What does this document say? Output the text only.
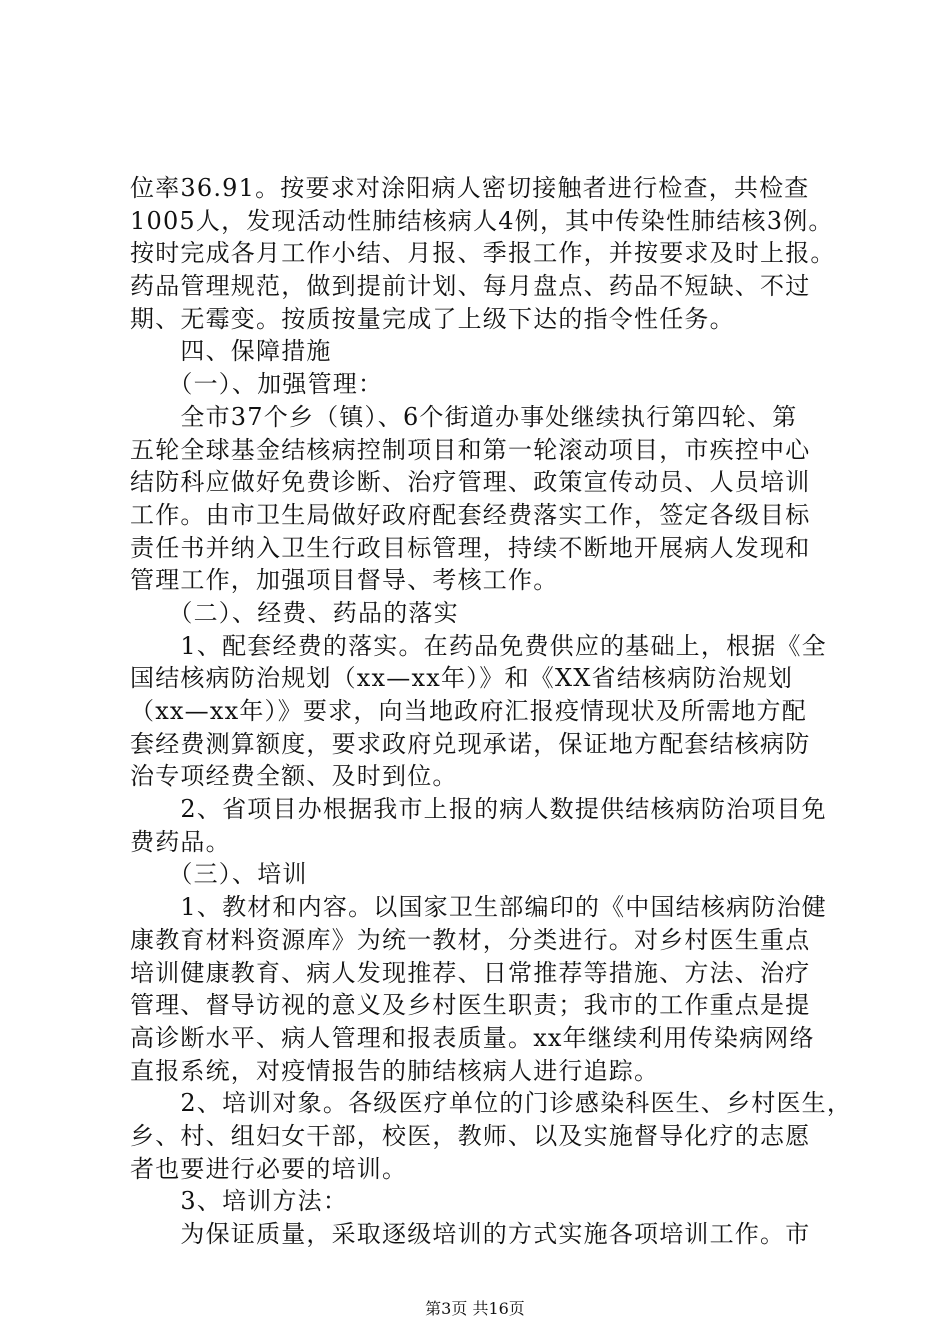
位率36.91。按要求对涂阳病人密切接触者进行检查，共检查
1005人，发现活动性肺结核病人4例，其中传染性肺结核3例。
按时完成各月工作小结、月报、季报工作，并按要求及时上报。
药品管理规范，做到提前计划、每月盘点、药品不短缺、不过
期、无霉变。按质按量完成了上级下达的指令性任务。
　　四、保障措施
　　（一）、加强管理：
　　全市37个乡（镇）、6个街道办事处继续执行第四轮、第
五轮全球基金结核病控制项目和第一轮滚动项目，市疾控中心
结防科应做好免费诊断、治疗管理、政策宣传动员、人员培训
工作。由市卫生局做好政府配套经费落实工作，签定各级目标
责任书并纳入卫生行政目标管理，持续不断地开展病人发现和
管理工作，加强项目督导、考核工作。
　　（二）、经费、药品的落实
　　1、配套经费的落实。在药品免费供应的基础上，根据《全
国结核病防治规划（xx—xx年）》和《XX省结核病防治规划
（xx—xx年）》要求，向当地政府汇报疫情现状及所需地方配
套经费测算额度，要求政府兑现承诺，保证地方配套结核病防
治专项经费全额、及时到位。
　　2、省项目办根据我市上报的病人数提供结核病防治项目免
费药品。
　　（三）、培训
　　1、教材和内容。以国家卫生部编印的《中国结核病防治健
康教育材料资源库》为统一教材，分类进行。对乡村医生重点
培训健康教育、病人发现推荐、日常推荐等措施、方法、治疗
管理、督导访视的意义及乡村医生职责；我市的工作重点是提
高诊断水平、病人管理和报表质量。xx年继续利用传染病网络
直报系统，对疫情报告的肺结核病人进行追踪。
　　2、培训对象。各级医疗单位的门诊感染科医生、乡村医生，
乡、村、组妇女干部，校医，教师、以及实施督导化疗的志愿
者也要进行必要的培训。
　　3、培训方法：
　　为保证质量，采取逐级培训的方式实施各项培训工作。市
第3页 共16页
